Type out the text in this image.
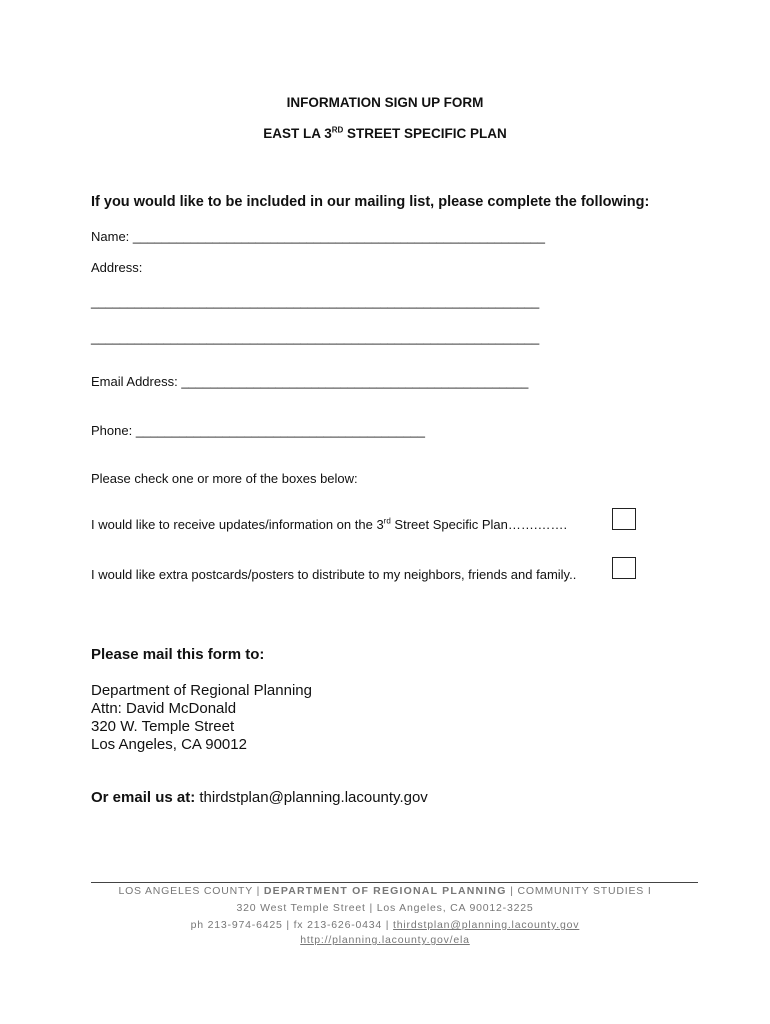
INFORMATION SIGN UP FORM
EAST LA 3RD STREET SPECIFIC PLAN
If you would like to be included in our mailing list, please complete the following:
Name: _________________________________________________________
Address:
______________________________________________________________
______________________________________________________________
Email Address: ________________________________________________
Phone: ________________________________________
Please check one or more of the boxes below:
I would like to receive updates/information on the 3rd Street Specific Plan…….…….
I would like extra postcards/posters to distribute to my neighbors, friends and family..
Please mail this form to:
Department of Regional Planning
Attn: David McDonald
320 W. Temple Street
Los Angeles, CA 90012
Or email us at: thirdstplan@planning.lacounty.gov
LOS ANGELES COUNTY | DEPARTMENT OF REGIONAL PLANNING | COMMUNITY STUDIES I
320 West Temple Street | Los Angeles, CA 90012-3225
ph 213-974-6425 | fx 213-626-0434 | thirdstplan@planning.lacounty.gov
http://planning.lacounty.gov/ela
